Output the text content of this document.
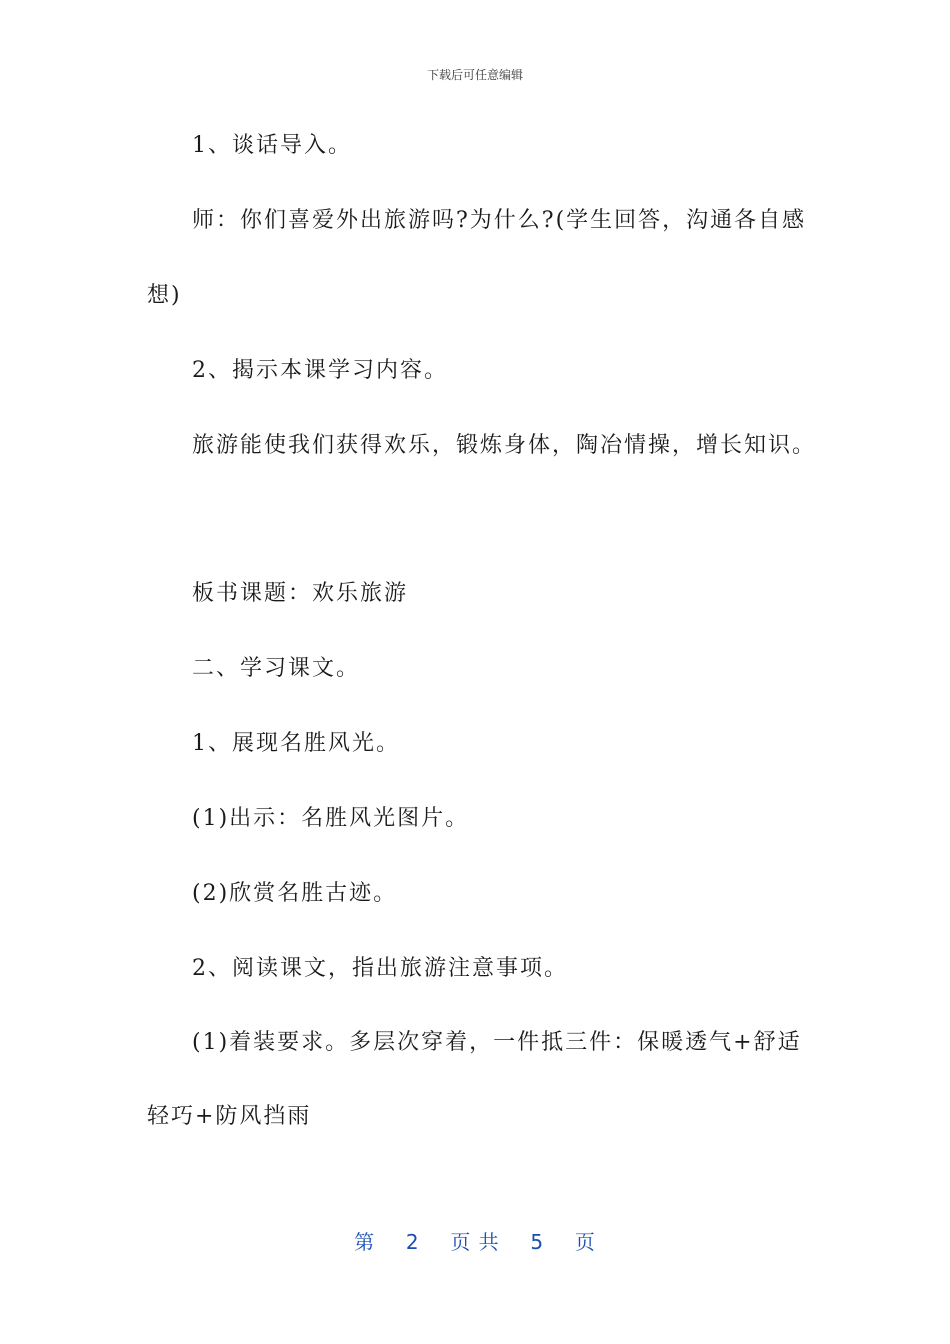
下载后可任意编辑
1、谈话导入。
师：你们喜爱外出旅游吗?为什么?(学生回答，沟通各自感
想)
2、揭示本课学习内容。
旅游能使我们获得欢乐，锻炼身体，陶冶情操，增长知识。
板书课题：欢乐旅游
二、学习课文。
1、展现名胜风光。
(1)出示：名胜风光图片。
(2)欣赏名胜古迹。
2、阅读课文，指出旅游注意事项。
(1)着装要求。多层次穿着，一件抵三件：保暖透气+舒适
轻巧+防风挡雨
第 2 页 共 5 页
